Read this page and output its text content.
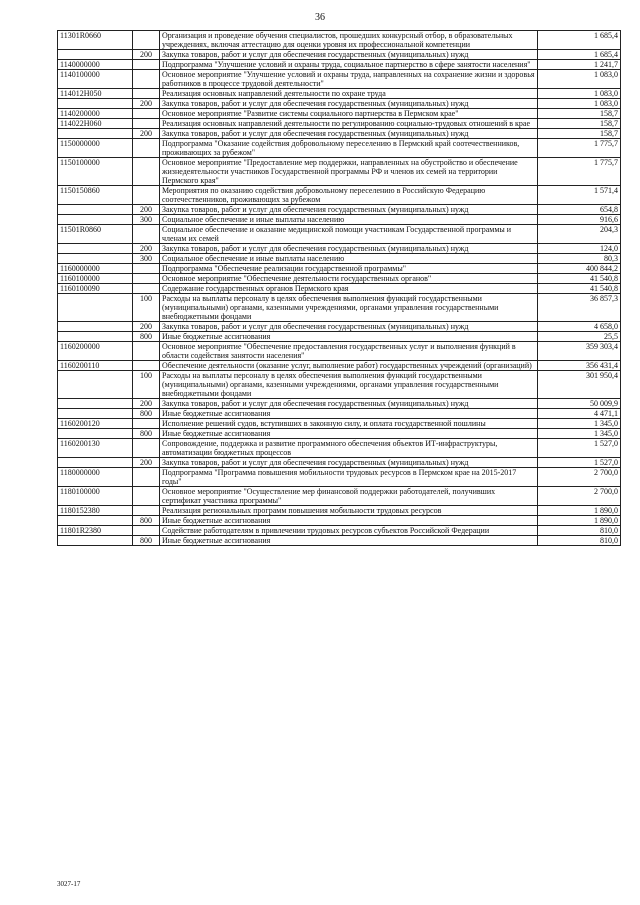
36
11301R0660		Организация и проведение обучения специалистов, прошедших конкурсный отбор, в образовательных учреждениях, включая аттестацию для оценки уровня их профессиональной компетенции	1 685,4
	200	Закупка товаров, работ и услуг для обеспечения государственных (муниципальных) нужд	1 685,4
1140000000		Подпрограмма "Улучшение условий и охраны труда, социальное партнерство в сфере занятости населения"	1 241,7
1140100000		Основное мероприятие "Улучшение условий и охраны труда, направленных на сохранение жизни и здоровья работников в процессе трудовой деятельности"	1 083,0
114012Н050		Реализация основных направлений деятельности по охране труда	1 083,0
	200	Закупка товаров, работ и услуг для обеспечения государственных (муниципальных) нужд	1 083,0
1140200000		Основное мероприятие "Развитие системы социального партнерства в Пермском крае"	158,7
114022Н060		Реализация основных направлений деятельности по регулированию социально-трудовых отношений в крае	158,7
	200	Закупка товаров, работ и услуг для обеспечения государственных (муниципальных) нужд	158,7
1150000000		Подпрограмма "Оказание содействия добровольному переселению в Пермский край соотечественников, проживающих за рубежом"	1 775,7
1150100000		Основное мероприятие "Предоставление мер поддержки, направленных на обустройство и обеспечение жизнедеятельности участников Государственной программы РФ и членов их семей на территории Пермского края"	1 775,7
1150150860		Мероприятия по оказанию содействия добровольному переселению в Российскую Федерацию соотечественников, проживающих за рубежом	1 571,4
	200	Закупка товаров, работ и услуг для обеспечения государственных (муниципальных) нужд	654,8
	300	Социальное обеспечение и иные выплаты населению	916,6
11501R0860		Социальное обеспечение и оказание медицинской помощи участникам Государственной программы и членам их семей	204,3
	200	Закупка товаров, работ и услуг для обеспечения государственных (муниципальных) нужд	124,0
	300	Социальное обеспечение и иные выплаты населению	80,3
1160000000		Подпрограмма "Обеспечение реализации государственной программы"	400 844,2
1160100000		Основное мероприятие "Обеспечение деятельности государственных органов"	41 540,8
1160100090		Содержание государственных органов Пермского края	41 540,8
	100	Расходы на выплаты персоналу в целях обеспечения выполнения функций государственными (муниципальными) органами, казенными учреждениями, органами управления государственными внебюджетными фондами	36 857,3
	200	Закупка товаров, работ и услуг для обеспечения государственных (муниципальных) нужд	4 658,0
	800	Иные бюджетные ассигнования	25,5
1160200000		Основное мероприятие "Обеспечение предоставления государственных услуг и выполнения функций в области содействия занятости населения"	359 303,4
1160200110		Обеспечение деятельности (оказание услуг, выполнение работ) государственных учреждений (организаций)	356 431,4
	100	Расходы на выплаты персоналу в целях обеспечения выполнения функций государственными (муниципальными) органами, казенными учреждениями, органами управления государственными внебюджетными фондами	301 950,4
	200	Закупка товаров, работ и услуг для обеспечения государственных (муниципальных) нужд	50 009,9
	800	Иные бюджетные ассигнования	4 471,1
1160200120		Исполнение решений судов, вступивших в законную силу, и оплата государственной пошлины	1 345,0
	800	Иные бюджетные ассигнования	1 345,0
1160200130		Сопровождение, поддержка и развитие программного обеспечения объектов ИТ-инфраструктуры, автоматизации бюджетных процессов	1 527,0
	200	Закупка товаров, работ и услуг для обеспечения государственных (муниципальных) нужд	1 527,0
1180000000		Подпрограмма "Программа повышения мобильности трудовых ресурсов в Пермском крае на 2015-2017 годы"	2 700,0
1180100000		Основное мероприятие "Осуществление мер финансовой поддержки работодателей, получивших сертификат участника программы"	2 700,0
1180152380		Реализация региональных программ повышения мобильности трудовых ресурсов	1 890,0
	800	Иные бюджетные ассигнования	1 890,0
11801R2380		Содействие работодателям в привлечении трудовых ресурсов субъектов Российской Федерации	810,0
	800	Иные бюджетные ассигнования	810,0
3027-17
